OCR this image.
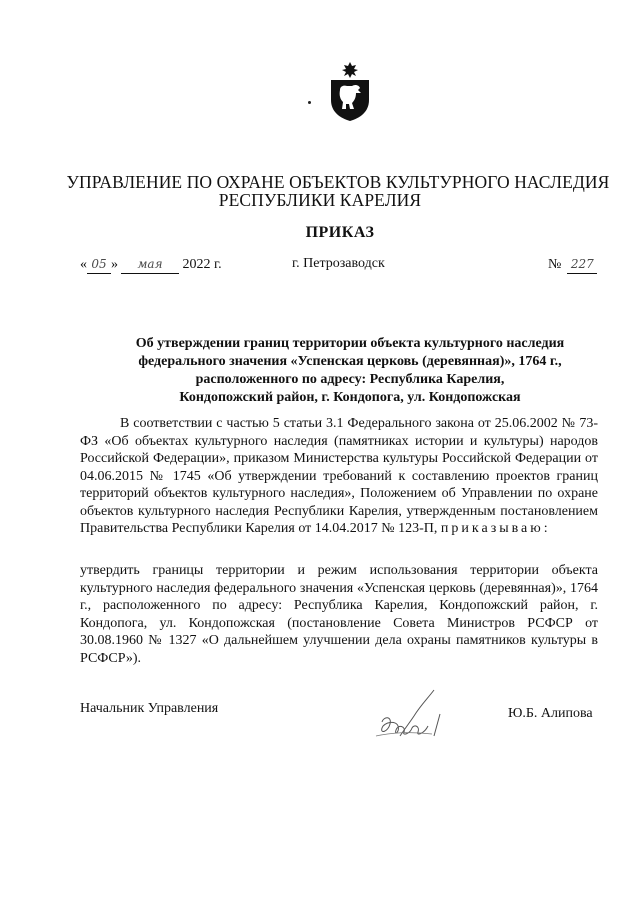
УПРАВЛЕНИЕ ПО ОХРАНЕ ОБЪЕКТОВ КУЛЬТУРНОГО НАСЛЕДИЯ
РЕСПУБЛИКИ КАРЕЛИЯ
ПРИКАЗ
« 05 » мая 2022 г.	г. Петрозаводск	№ 227
Об утверждении границ территории объекта культурного наследия
федерального значения «Успенская церковь (деревянная)», 1764 г.,
расположенного по адресу: Республика Карелия,
Кондопожский район, г. Кондопога, ул. Кондопожская
В соответствии с частью 5 статьи 3.1 Федерального закона от 25.06.2002 № 73-ФЗ «Об объектах культурного наследия (памятниках истории и культуры) народов Российской Федерации», приказом Министерства культуры Российской Федерации от 04.06.2015 № 1745 «Об утверждении требований к составлению проектов границ территорий объектов культурного наследия», Положением об Управлении по охране объектов культурного наследия Республики Карелия, утвержденным постановлением Правительства Республики Карелия от 14.04.2017 № 123-П, приказываю:
утвердить границы территории и режим использования территории объекта культурного наследия федерального значения «Успенская церковь (деревянная)», 1764 г., расположенного по адресу: Республика Карелия, Кондопожский район, г. Кондопога, ул. Кондопожская (постановление Совета Министров РСФСР от 30.08.1960 № 1327 «О дальнейшем улучшении дела охраны памятников культуры в РСФСР»).
Начальник Управления	Ю.Б. Алипова
